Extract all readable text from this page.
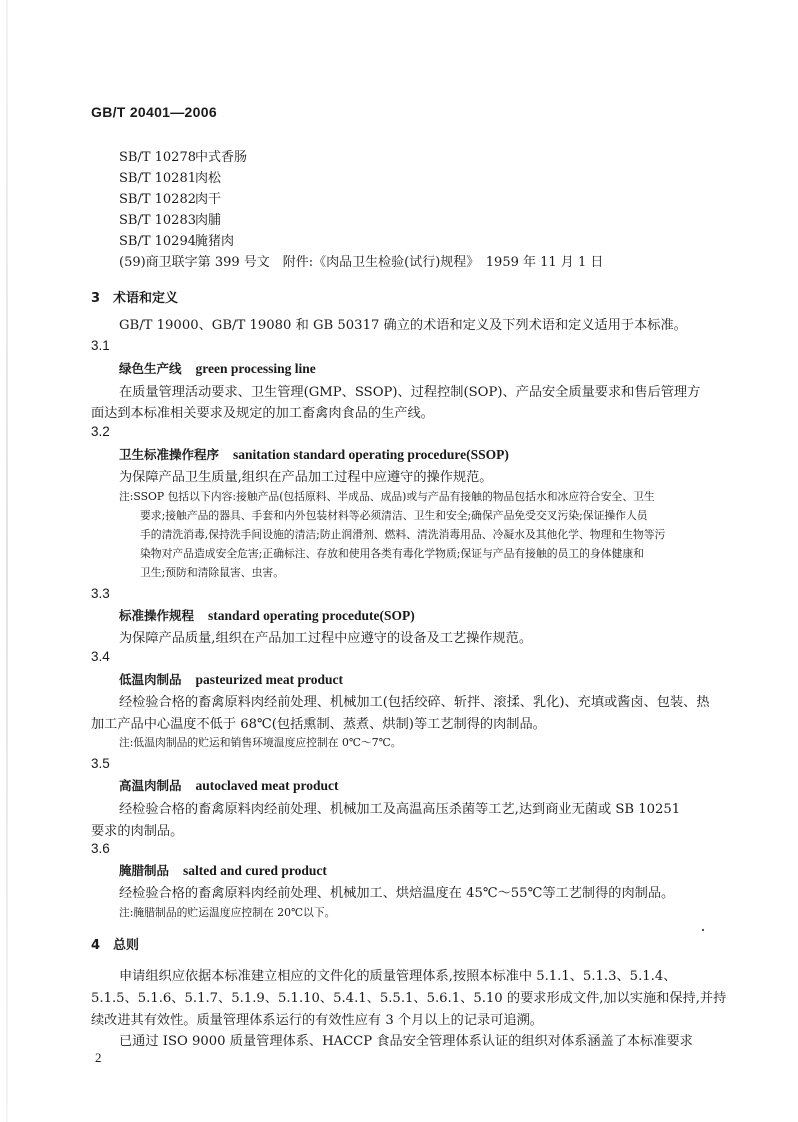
GB/T 20401—2006
SB/T 10278中式香肠
SB/T 10281肉松
SB/T 10282肉干
SB/T 10283肉脯
SB/T 10294腌猪肉
(59)商卫联字第 399 号文　附件:《肉品卫生检验(试行)规程》　1959 年 11 月 1 日
3　术语和定义
GB/T 19000、GB/T 19080 和 GB 50317 确立的术语和定义及下列术语和定义适用于本标准。
3.1
绿色生产线 green processing line
在质量管理活动要求、卫生管理(GMP、SSOP)、过程控制(SOP)、产品安全质量要求和售后管理方
面达到本标准相关要求及规定的加工畜禽肉食品的生产线。
3.2
卫生标准操作程序 sanitation standard operating procedure(SSOP)
为保障产品卫生质量,组织在产品加工过程中应遵守的操作规范。
注:SSOP 包括以下内容:接触产品(包括原料、半成品、成品)或与产品有接触的物品包括水和冰应符合安全、卫生
要求;接触产品的器具、手套和内外包装材料等必须清洁、卫生和安全;确保产品免受交叉污染;保证操作人员
手的清洗消毒,保持洗手间设施的清洁;防止润滑剂、燃料、清洗消毒用品、冷凝水及其他化学、物理和生物等污
染物对产品造成安全危害;正确标注、存放和使用各类有毒化学物质;保证与产品有接触的员工的身体健康和
卫生;预防和清除鼠害、虫害。
3.3
标准操作规程 standard operating procedute(SOP)
为保障产品质量,组织在产品加工过程中应遵守的设备及工艺操作规范。
3.4
低温肉制品 pasteurized meat product
经检验合格的畜禽原料肉经前处理、机械加工(包括绞碎、斩拌、滚揉、乳化)、充填或酱卤、包装、热
加工产品中心温度不低于 68℃(包括熏制、蒸煮、烘制)等工艺制得的肉制品。
注:低温肉制品的贮运和销售环境温度应控制在 0℃～7℃。
3.5
高温肉制品 autoclaved meat product
经检验合格的畜禽原料肉经前处理、机械加工及高温高压杀菌等工艺,达到商业无菌或 SB 10251
要求的肉制品。
3.6
腌腊制品 salted and cured product
经检验合格的畜禽原料肉经前处理、机械加工、烘焙温度在 45℃～55℃等工艺制得的肉制品。
注:腌腊制品的贮运温度应控制在 20℃以下。
4　总则
申请组织应依据本标准建立相应的文件化的质量管理体系,按照本标准中 5.1.1、5.1.3、5.1.4、
5.1.5、5.1.6、5.1.7、5.1.9、5.1.10、5.4.1、5.5.1、5.6.1、5.10 的要求形成文件,加以实施和保持,并持
续改进其有效性。质量管理体系运行的有效性应有 3 个月以上的记录可追溯。
已通过 ISO 9000 质量管理体系、HACCP 食品安全管理体系认证的组织对体系涵盖了本标准要求
2
